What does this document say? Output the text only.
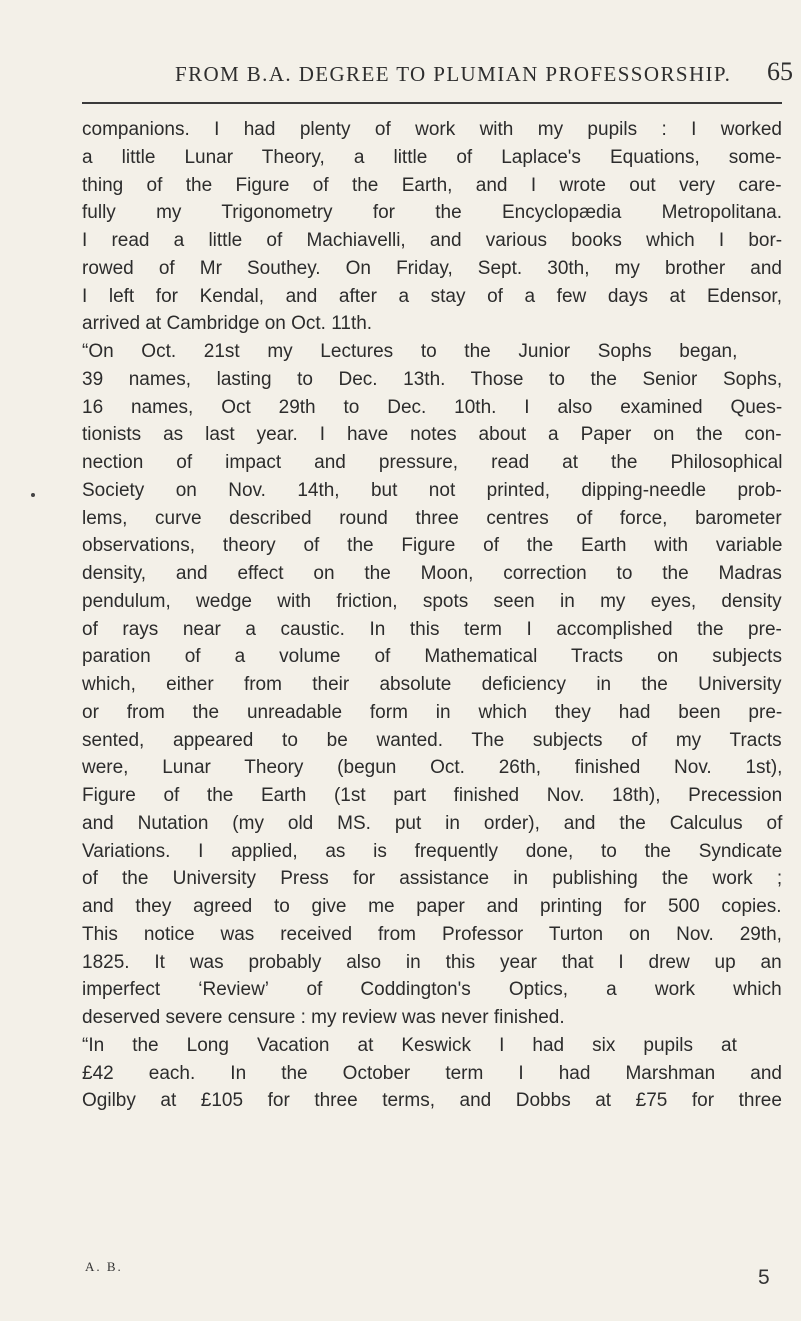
FROM B.A. DEGREE TO PLUMIAN PROFESSORSHIP. 65
companions. I had plenty of work with my pupils : I worked
a little Lunar Theory, a little of Laplace's Equations, some-
thing of the Figure of the Earth, and I wrote out very care-
fully my Trigonometry for the Encyclopædia Metropolitana.
I read a little of Machiavelli, and various books which I bor-
rowed of Mr Southey. On Friday, Sept. 30th, my brother and
I left for Kendal, and after a stay of a few days at Edensor,
arrived at Cambridge on Oct. 11th.
“On Oct. 21st my Lectures to the Junior Sophs began,
39 names, lasting to Dec. 13th. Those to the Senior Sophs,
16 names, Oct 29th to Dec. 10th. I also examined Ques-
tionists as last year. I have notes about a Paper on the con-
nection of impact and pressure, read at the Philosophical
Society on Nov. 14th, but not printed, dipping-needle prob-
lems, curve described round three centres of force, barometer
observations, theory of the Figure of the Earth with variable
density, and effect on the Moon, correction to the Madras
pendulum, wedge with friction, spots seen in my eyes, density
of rays near a caustic. In this term I accomplished the pre-
paration of a volume of Mathematical Tracts on subjects
which, either from their absolute deficiency in the University
or from the unreadable form in which they had been pre-
sented, appeared to be wanted. The subjects of my Tracts
were, Lunar Theory (begun Oct. 26th, finished Nov. 1st),
Figure of the Earth (1st part finished Nov. 18th), Precession
and Nutation (my old MS. put in order), and the Calculus of
Variations. I applied, as is frequently done, to the Syndicate
of the University Press for assistance in publishing the work ;
and they agreed to give me paper and printing for 500 copies.
This notice was received from Professor Turton on Nov. 29th,
1825. It was probably also in this year that I drew up an
imperfect ‘Review’ of Coddington's Optics, a work which
deserved severe censure : my review was never finished.
“In the Long Vacation at Keswick I had six pupils at
£42 each. In the October term I had Marshman and
Ogilby at £105 for three terms, and Dobbs at £75 for three
A. B.	5
